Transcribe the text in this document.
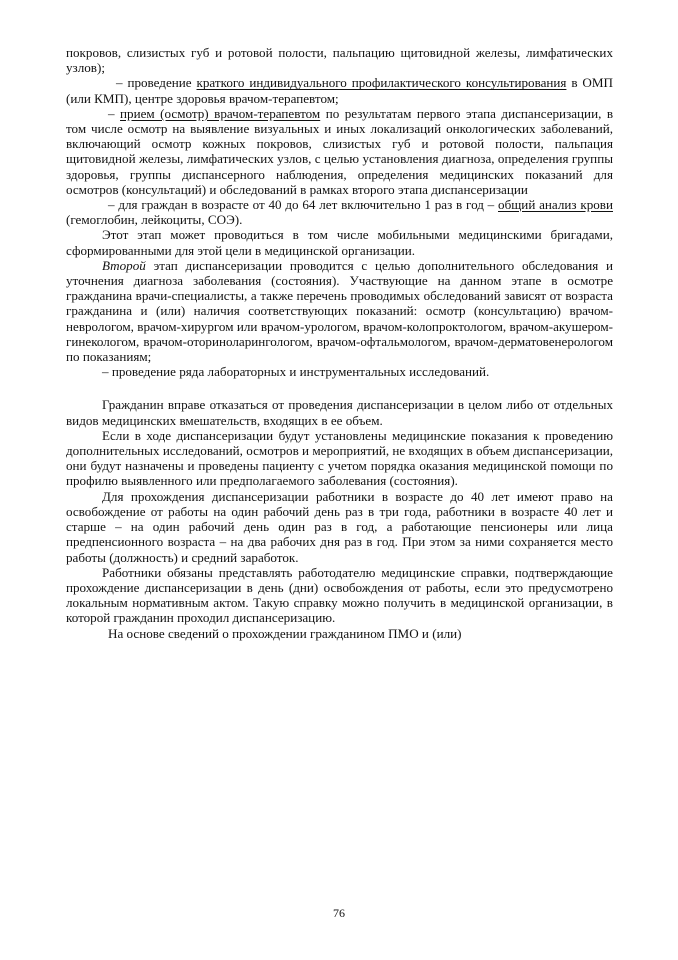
покровов, слизистых губ и ротовой полости, пальпацию щитовидной железы, лимфатических узлов);

– проведение краткого индивидуального профилактического консультирования в ОМП (или КМП), центре здоровья врачом-терапевтом;

– прием (осмотр) врачом-терапевтом по результатам первого этапа диспансеризации, в том числе осмотр на выявление визуальных и иных локализаций онкологических заболеваний, включающий осмотр кожных покровов, слизистых губ и ротовой полости, пальпация щитовидной железы, лимфатических узлов, с целью установления диагноза, определения группы здоровья, группы диспансерного наблюдения, определения медицинских показаний для осмотров (консультаций) и обследований в рамках второго этапа диспансеризации

– для граждан в возрасте от 40 до 64 лет включительно 1 раз в год – общий анализ крови (гемоглобин, лейкоциты, СОЭ).

Этот этап может проводиться в том числе мобильными медицинскими бригадами, сформированными для этой цели в медицинской организации.

Второй этап диспансеризации проводится с целью дополнительного обследования и уточнения диагноза заболевания (состояния). Участвующие на данном этапе в осмотре гражданина врачи-специалисты, а также перечень проводимых обследований зависят от возраста гражданина и (или) наличия соответствующих показаний: осмотр (консультацию) врачом-неврологом, врачом-хирургом или врачом-урологом, врачом-колопроктологом, врачом-акушером-гинекологом, врачом-оториноларингологом, врачом-офтальмологом, врачом-дерматовенерологом по показаниям;

– проведение ряда лабораторных и инструментальных исследований.

Гражданин вправе отказаться от проведения диспансеризации в целом либо от отдельных видов медицинских вмешательств, входящих в ее объем.

Если в ходе диспансеризации будут установлены медицинские показания к проведению дополнительных исследований, осмотров и мероприятий, не входящих в объем диспансеризации, они будут назначены и проведены пациенту с учетом порядка оказания медицинской помощи по профилю выявленного или предполагаемого заболевания (состояния).

Для прохождения диспансеризации работники в возрасте до 40 лет имеют право на освобождение от работы на один рабочий день раз в три года, работники в возрасте 40 лет и старше – на один рабочий день один раз в год, а работающие пенсионеры или лица предпенсионного возраста – на два рабочих дня раз в год. При этом за ними сохраняется место работы (должность) и средний заработок.

Работники обязаны представлять работодателю медицинские справки, подтверждающие прохождение диспансеризации в день (дни) освобождения от работы, если это предусмотрено локальным нормативным актом. Такую справку можно получить в медицинской организации, в которой гражданин проходил диспансеризацию.

На основе сведений о прохождении гражданином ПМО и (или)

76
